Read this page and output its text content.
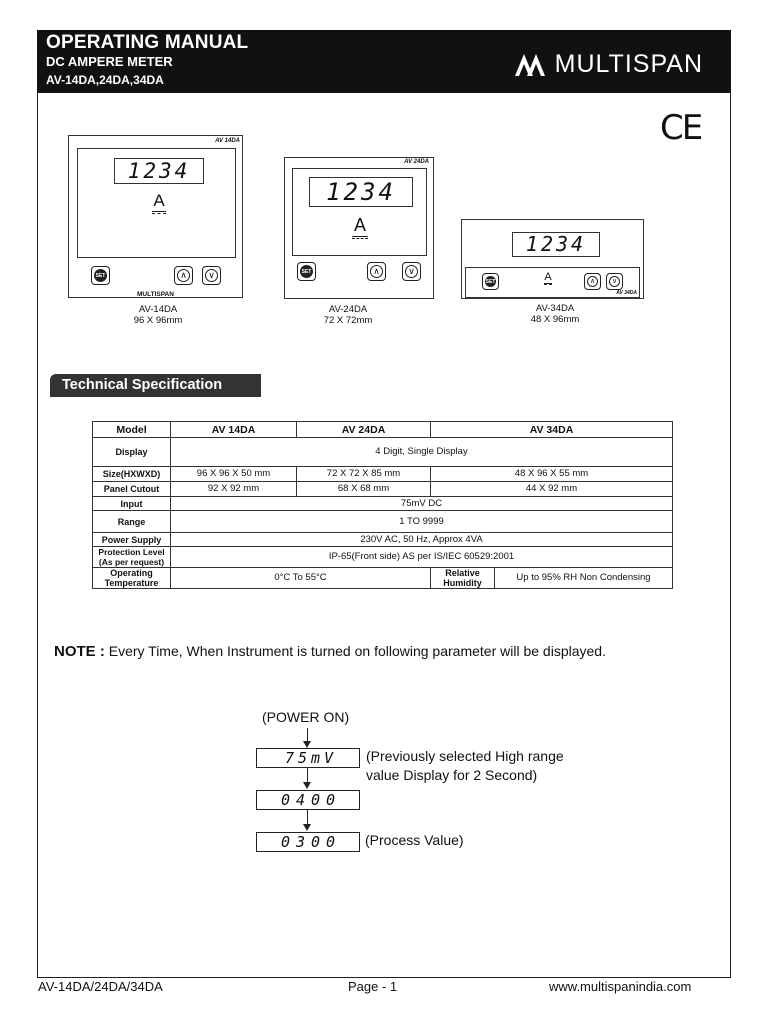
OPERATING MANUAL
DC AMPERE METER
AV-14DA,24DA,34DA
MULTISPAN
CE
AV 14DA
1234
A
SET	∧	∨
MULTISPAN
AV-14DA
96 X 96mm
AV 24DA
1234
A
SET	∧	∨
AV-24DA
72 X 72mm
1234
SET	A	∧	∨
AV 34DA
AV-34DA
48 X 96mm
Technical Specification
Model	AV 14DA	AV 24DA	AV 34DA	
Display	4 Digit, Single Display			
Size(HXWXD)	96 X 96 X 50 mm	72 X 72 X 85 mm	48 X 96 X 55 mm	
Panel Cutout	92 X 92 mm	68 X 68 mm	44 X 92 mm	
Input	75mV DC			
Range	1 TO 9999			
Power Supply	230V AC, 50 Hz, Approx 4VA			
Protection Level (As per request)	IP-65(Front side) AS per IS/IEC 60529:2001			
Operating Temperature	0°C To 55°C		Relative Humidity	Up to 95% RH Non Condensing
NOTE : Every Time, When Instrument is turned on following parameter will be displayed.
(POWER ON)
75mV	(Previously selected High range
value Display for 2 Second)
0400
0300	(Process Value)
AV-14DA/24DA/34DA	Page - 1	www.multispanindia.com
